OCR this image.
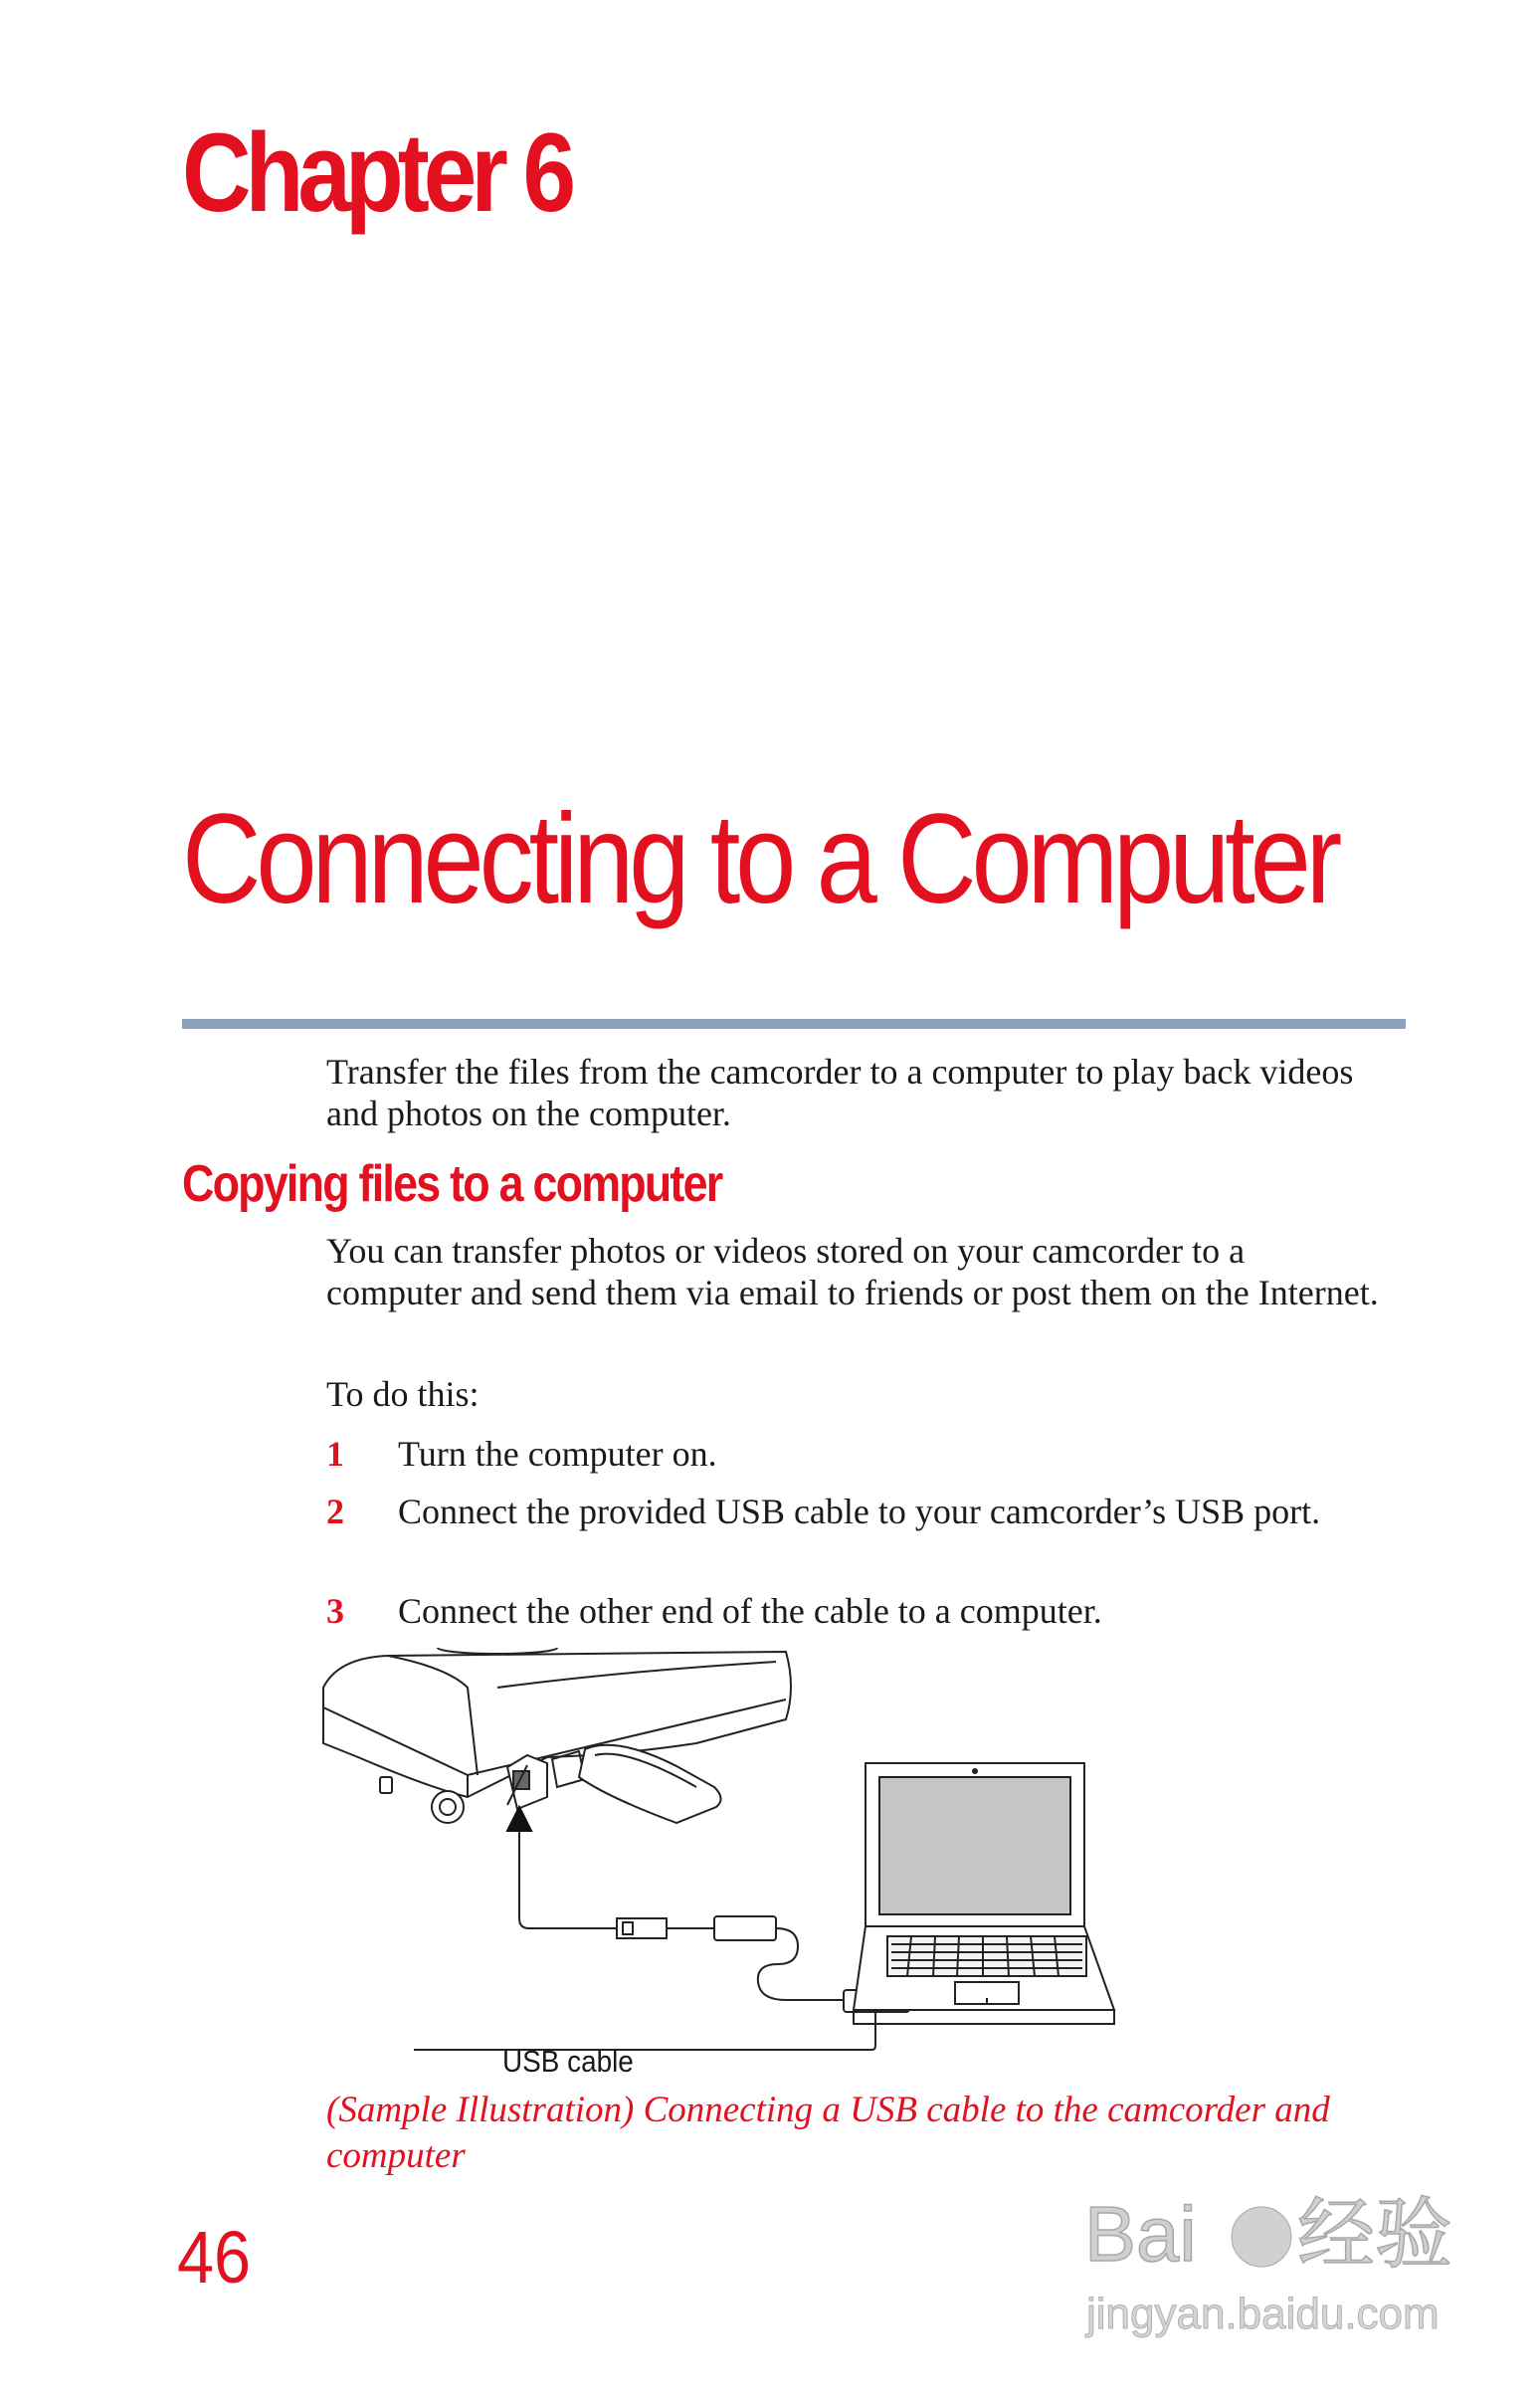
Chapter 6
Connecting to a Computer
Transfer the files from the camcorder to a computer to play back videos and photos on the computer.
Copying files to a computer
You can transfer photos or videos stored on your camcorder to a computer and send them via email to friends or post them on the Internet.
To do this:
1 Turn the computer on.
2 Connect the provided USB cable to your camcorder’s USB port.
3 Connect the other end of the cable to a computer.
USB cable
(Sample Illustration) Connecting a USB cable to the camcorder and computer
46	Bai 经验
jingyan.baidu.com
